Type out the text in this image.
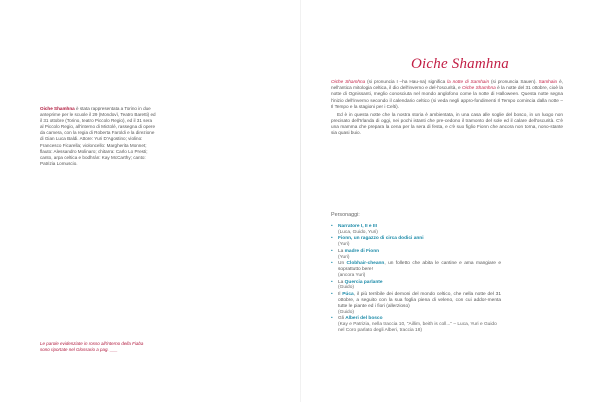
Oiche Shamhna è stata rappresentata a Torino in due anteprime per le scuole il 29 (Mondovì, Teatro Baretti) ed il 31 ottobre (Torino, teatro Piccolo Regio), ed il 31 sera al Piccolo Regio, all'interno di Mictolé, rassegna di opere da camera, con la regia di Roberta Faroldi e la direzione di Gian Luca Baldi. Attore: Yuri D'Agostino; violino: Francesco Ficarella; violoncello: Margherita Monnet; flauto: Alessandro Molinaro; chitarra: Carlo Lo Presti; canto, arpa celtica e bodhrán: Kay McCarthy; canto: Patrizia Lomuscio.
Le parole evidenziate in rosso all'interno della Fiaba sono riportate nel Glossario a pag. ___
Oiche Shamhna

Oiche Shamhna (si pronuncia I –ha Hau-na) significa la notte di Samhain (si pronuncia Sauen). Samhain è, nell'antica mitologia celtica, il dio dell'inverno e del-l'oscurità, e Oiche Shamhna è la notte del 31 ottobre, cioè la notte di Ognissanti, meglio conosciuta nel mondo anglofono come la notte di Halloween. Questa notte segna l'inizio dell'inverno secondo il calendario celtico (si veda negli appro-fondimenti Il Tempo comincia dalla notte – Il Tempo e la stagioni per i Celti).

Ed è in questa notte che la nostra storia è ambientata, in una casa alle soglie del bosco, in un luogo non precisato dell'Irlanda di oggi, nei pochi istanti che pre-cedono il tramonto del sole ed il calare dell'oscurità. C'è una mamma che prepara la cena per la sera di festa, e c'è suo figlio Fionn che ancora non torna, nono-stante sia quasi buio.

Personaggi:
• Narratore I, II e III
(Luca, Guido, Yuri)
• Fionn, un ragazzo di circa dodici anni
(Yuri)
• La madre di Fionn
(Yuri)
• Un Clobhair-cheann, un folletto che abita le cantine e ama mangiare e soprattutto bere!
(ancora Yuri)
• La Quercia parlante
(Guido)
• Il Púca, il più terribile dei demoni del mondo celtico, che nella notte del 31 ottobre, a seguito con la sua foglia piena di veleno, con cui addor-menta tutte le piante ed i fiori (allerzioso)
(Guido)
• Gli Alberi del bosco
(Kay e Patrizia, nella traccia 10, "Aillim, beith is coll..." – Luca, Yuri e Guido nel Coro parlato degli Alberi, traccia 18)
